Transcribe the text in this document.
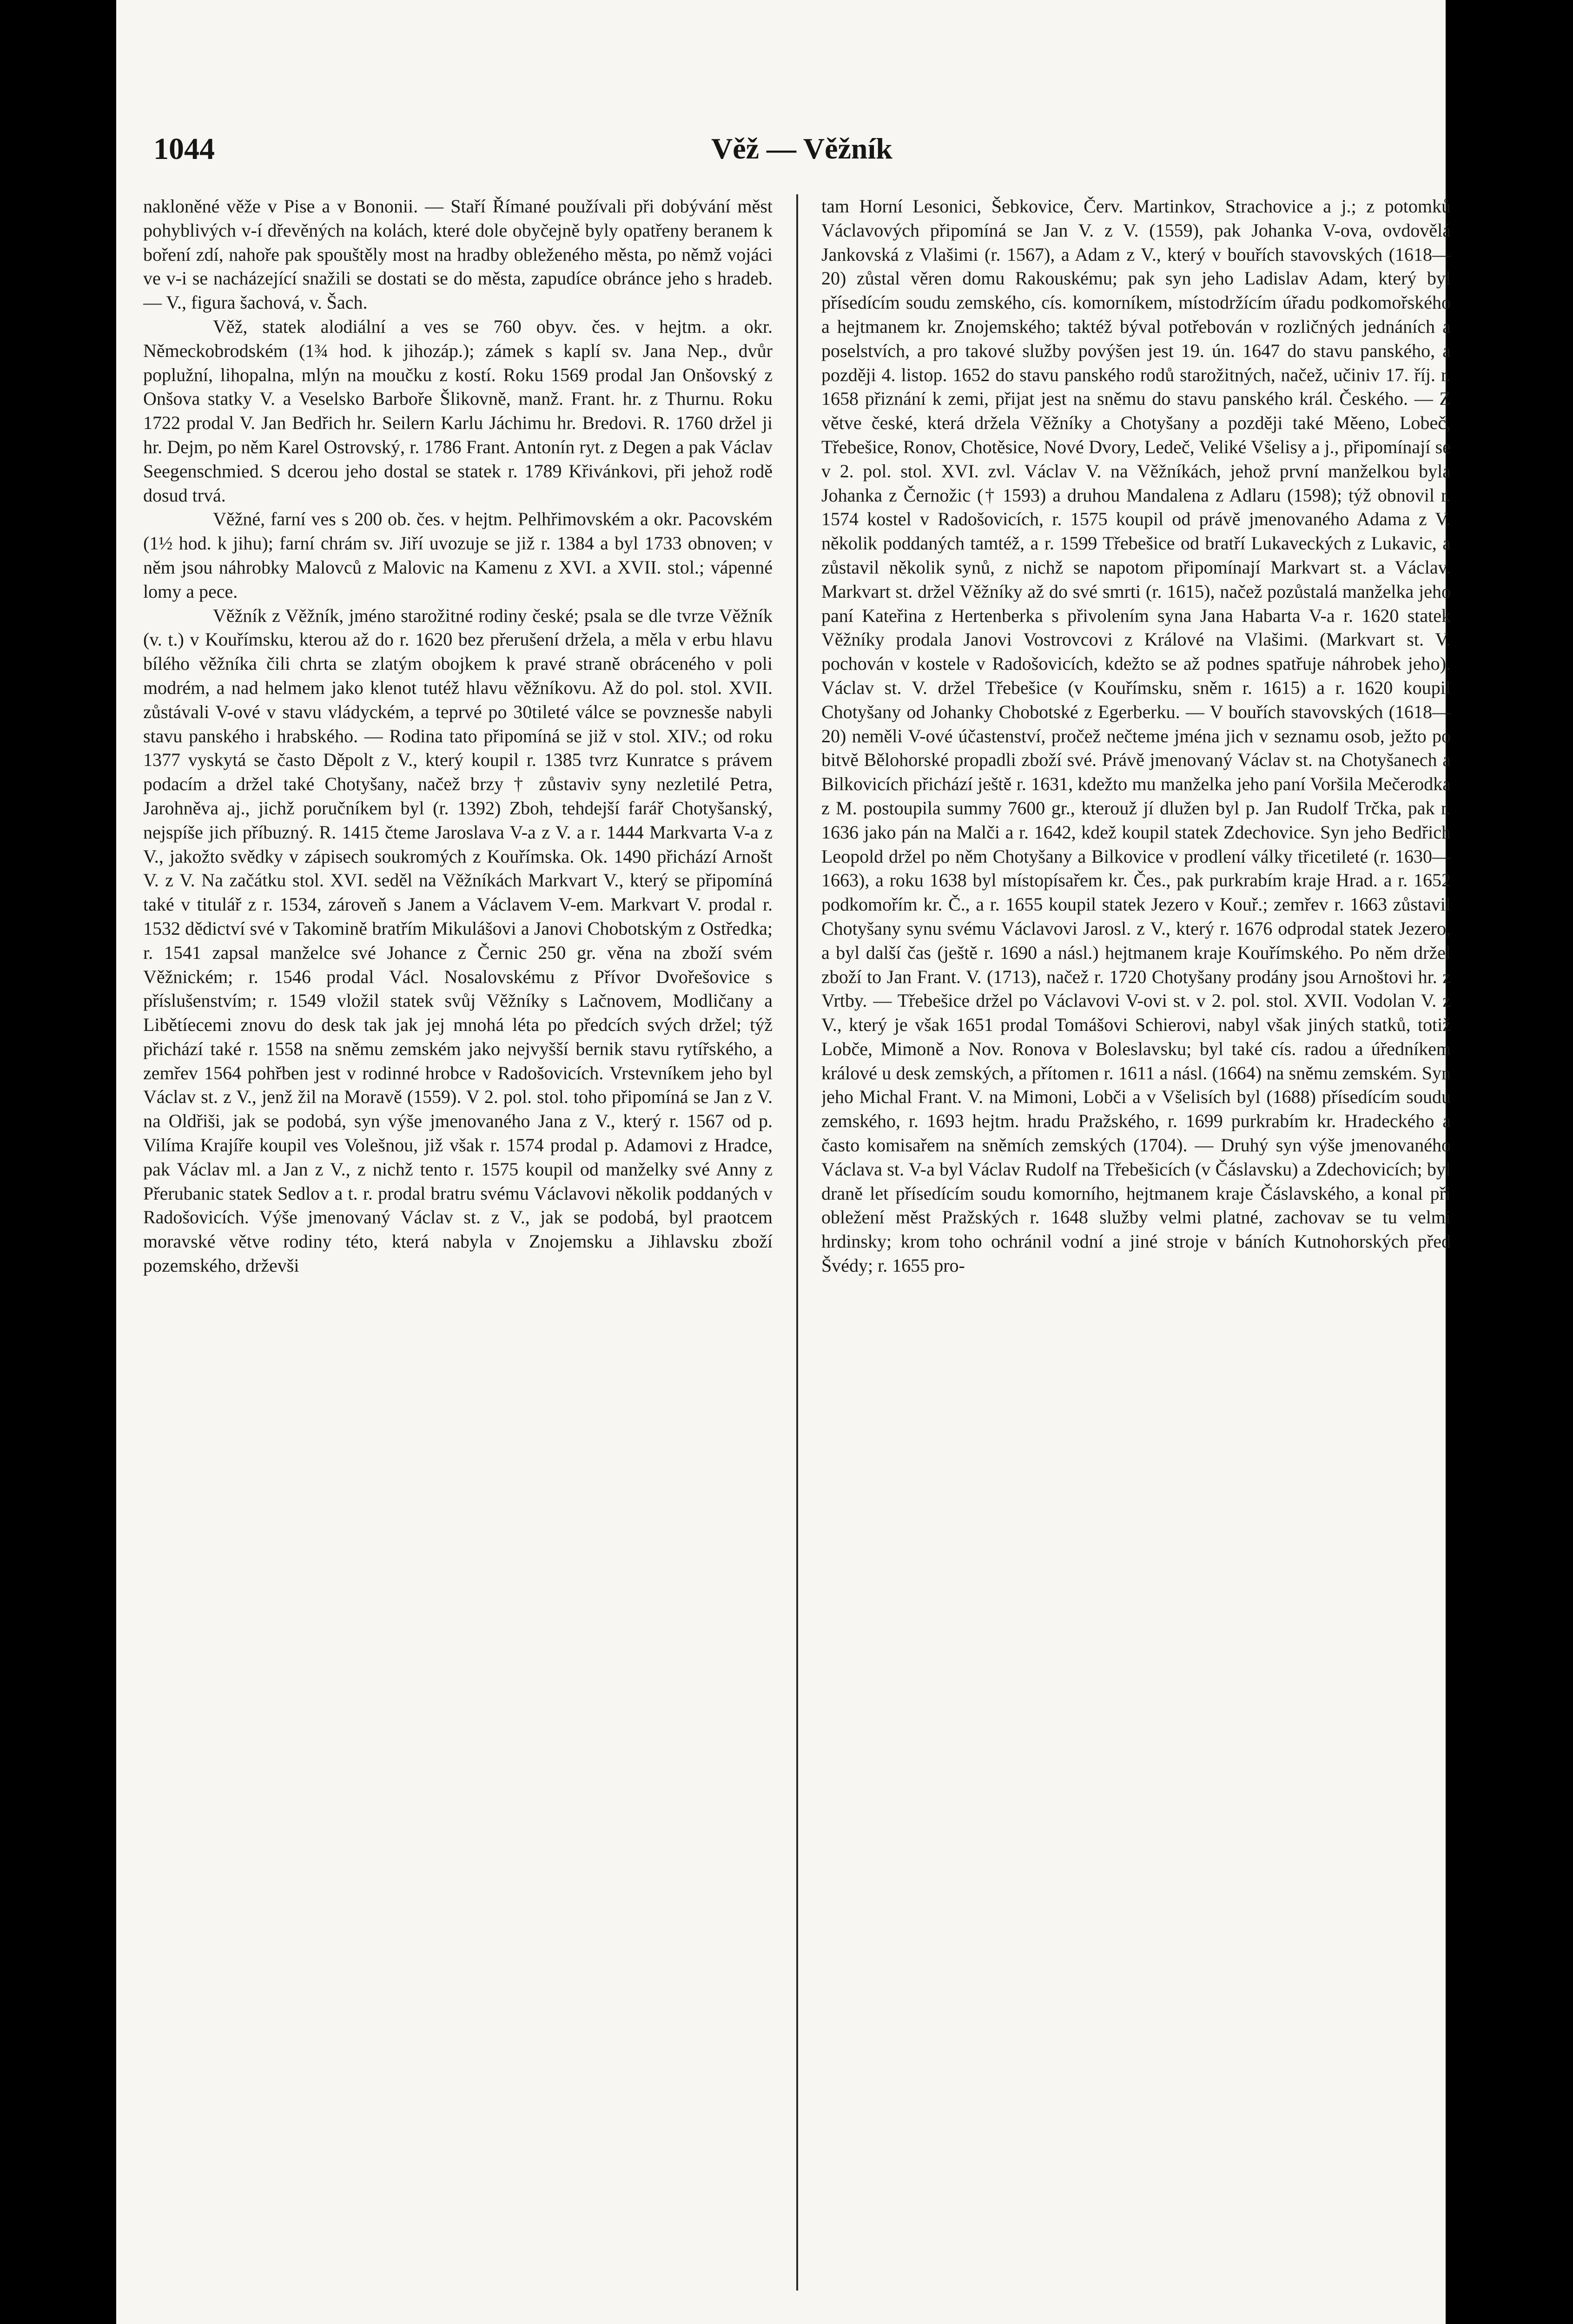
1044	Věž — Věžník

nakloněné věže v Pise a v Bononii. — Staří Římané používali při dobývání měst pohyblivých v-í dřevěných na kolách, které dole obyčejně byly opatřeny beranem k boření zdí, nahoře pak spouštěly most na hradby obleženého města, po němž vojáci ve v-i se nacházející snažili se dostati se do města, zapudíce obránce jeho s hradeb. — V., figura šachová, v. Šach.

Věž, statek alodiální a ves se 760 obyv. čes. v hejtm. a okr. Německobrodském (1¾ hod. k jihozáp.); zámek s kaplí sv. Jana Nep., dvůr poplužní, lihopalna, mlýn na moučku z kostí. Roku 1569 prodal Jan Onšovský z Onšova statky V. a Veselsko Barboře Šlikovně, manž. Frant. hr. z Thurnu. Roku 1722 prodal V. Jan Bedřich hr. Seilern Karlu Jáchimu hr. Bredovi. R. 1760 držel ji hr. Dejm, po něm Karel Ostrovský, r. 1786 Frant. Antonín ryt. z Degen a pak Václav Seegenschmied. S dcerou jeho dostal se statek r. 1789 Křivánkovi, při jehož rodě dosud trvá.

Věžné, farní ves s 200 ob. čes. v hejtm. Pelhřimovském a okr. Pacovském (1½ hod. k jihu); farní chrám sv. Jiří uvozuje se již r. 1384 a byl 1733 obnoven; v něm jsou náhrobky Malovců z Malovic na Kamenu z XVI. a XVII. stol.; vápenné lomy a pece.

Věžník z Věžník, jméno starožitné rodiny české; psala se dle tvrze Věžník (v. t.) v Kouřímsku, kterou až do r. 1620 bez přerušení držela, a měla v erbu hlavu bílého věžníka čili chrta se zlatým obojkem k pravé straně obráceného v poli modrém, a nad helmem jako klenot tutéž hlavu věžníkovu. Až do pol. stol. XVII. zůstávali V-ové v stavu vládyckém, a teprvé po 30tileté válce se povznesše nabyli stavu panského i hrabského. — Rodina tato připomíná se již v stol. XIV.; od roku 1377 vyskytá se často Děpolt z V., který koupil r. 1385 tvrz Kunratce s právem podacím a držel také Chotyšany, načež brzy † zůstaviv syny nezletilé Petra, Jarohněva aj., jichž poručníkem byl (r. 1392) Zboh, tehdejší farář Chotyšanský, nejspíše jich příbuzný. R. 1415 čteme Jaroslava V-a z V. a r. 1444 Markvarta V-a z V., jakožto svědky v zápisech soukromých z Kouřímska. Ok. 1490 přichází Arnošt V. z V. Na začátku stol. XVI. seděl na Věžníkách Markvart V., který se připomíná také v titulář z r. 1534, zároveň s Janem a Václavem V-em. Markvart V. prodal r. 1532 dědictví své v Takomině bratřím Mikulášovi a Janovi Chobotským z Ostředka; r. 1541 zapsal manželce své Johance z Černic 250 gr. věna na zboží svém Věžnickém; r. 1546 prodal Václ. Nosalovskému z Přívor Dvořešovice s příslušenstvím; r. 1549 vložil statek svůj Věžníky s Lačnovem, Modličany a Libětíecemi znovu do desk tak jak jej mnohá léta po předcích svých držel; týž přichází také r. 1558 na sněmu zemském jako nejvyšší bernik stavu rytířského, a zemřev 1564 pohřben jest v rodinné hrobce v Radošovicích. Vrstevníkem jeho byl Václav st. z V., jenž žil na Moravě (1559). V 2. pol. stol. toho připomíná se Jan z V. na Oldřiši, jak se podobá, syn výše jmenovaného Jana z V., který r. 1567 od p. Vilíma Krajíře koupil ves Volešnou, již však r. 1574 prodal p. Adamovi z Hradce, pak Václav ml. a Jan z V., z nichž tento r. 1575 koupil od manželky své Anny z Přerubanic statek Sedlov a t. r. prodal bratru svému Václavovi několik poddaných v Radošovicích. Výše jmenovaný Václav st. z V., jak se podobá, byl praotcem moravské větve rodiny této, která nabyla v Znojemsku a Jihlavsku zboží pozemského, drževši

tam Horní Lesonici, Šebkovice, Červ. Martinkov, Strachovice a j.; z potomků Václavových připomíná se Jan V. z V. (1559), pak Johanka V-ova, ovdovělá Jankovská z Vlašimi (r. 1567), a Adam z V., který v bouřích stavovských (1618—20) zůstal věren domu Rakouskému; pak syn jeho Ladislav Adam, který byl přísedícím soudu zemského, cís. komorníkem, místodržícím úřadu podkomořského a hejtmanem kr. Znojemského; taktéž býval potřebován v rozličných jednáních a poselstvích, a pro takové služby povýšen jest 19. ún. 1647 do stavu panského, a později 4. listop. 1652 do stavu panského rodů starožitných, načež, učiniv 17. říj. r. 1658 přiznání k zemi, přijat jest na sněmu do stavu panského král. Českého. — Z větve české, která držela Věžníky a Chotyšany a později také Měeno, Lobeč, Třebešice, Ronov, Chotěsice, Nové Dvory, Ledeč, Veliké Všelisy a j., připomínají se v 2. pol. stol. XVI. zvl. Václav V. na Věžníkách, jehož první manželkou byla Johanka z Černožic († 1593) a druhou Mandalena z Adlaru (1598); týž obnovil r. 1574 kostel v Radošovicích, r. 1575 koupil od právě jmenovaného Adama z V. několik poddaných tamtéž, a r. 1599 Třebešice od bratří Lukaveckých z Lukavic, a zůstavil několik synů, z nichž se napotom připomínají Markvart st. a Václav. Markvart st. držel Věžníky až do své smrti (r. 1615), načež pozůstalá manželka jeho paní Kateřina z Hertenberka s přivolením syna Jana Habarta V-a r. 1620 statek Věžníky prodala Janovi Vostrovcovi z Králové na Vlašimi. (Markvart st. V. pochován v kostele v Radošovicích, kdežto se až podnes spatřuje náhrobek jeho). Václav st. V. držel Třebešice (v Kouřímsku, sněm r. 1615) a r. 1620 koupil Chotyšany od Johanky Chobotské z Egerberku. — V bouřích stavovských (1618—20) neměli V-ové účastenství, pročež nečteme jména jich v seznamu osob, ježto po bitvě Bělohorské propadli zboží své. Právě jmenovaný Václav st. na Chotyšanech a Bilkovicích přichází ještě r. 1631, kdežto mu manželka jeho paní Voršila Mečerodka z M. postoupila summy 7600 gr., kterouž jí dlužen byl p. Jan Rudolf Trčka, pak r. 1636 jako pán na Malči a r. 1642, kdež koupil statek Zdechovice. Syn jeho Bedřich Leopold držel po něm Chotyšany a Bilkovice v prodlení války třicetileté (r. 1630—1663), a roku 1638 byl místopísařem kr. Čes., pak purkrabím kraje Hrad. a r. 1652 podkomořím kr. Č., a r. 1655 koupil statek Jezero v Kouř.; zemřev r. 1663 zůstavil Chotyšany synu svému Václavovi Jarosl. z V., který r. 1676 odprodal statek Jezero, a byl další čas (ještě r. 1690 a násl.) hejtmanem kraje Kouřímského. Po něm držel zboží to Jan Frant. V. (1713), načež r. 1720 Chotyšany prodány jsou Arnoštovi hr. z Vrtby. — Třebešice držel po Václavovi V-ovi st. v 2. pol. stol. XVII. Vodolan V. z V., který je však 1651 prodal Tomášovi Schierovi, nabyl však jiných statků, totiž Lobče, Mimoně a Nov. Ronova v Boleslavsku; byl také cís. radou a úředníkem králové u desk zemských, a přítomen r. 1611 a násl. (1664) na sněmu zemském. Syn jeho Michal Frant. V. na Mimoni, Lobči a v Všelisích byl (1688) přísedícím soudu zemského, r. 1693 hejtm. hradu Pražského, r. 1699 purkrabím kr. Hradeckého a často komisařem na sněmích zemských (1704). — Druhý syn výše jmenovaného Václava st. V-a byl Václav Rudolf na Třebešicích (v Čáslavsku) a Zdechovicích; byl draně let přísedícím soudu komorního, hejtmanem kraje Čáslavského, a konal při obležení měst Pražských r. 1648 služby velmi platné, zachovav se tu velmi hrdinsky; krom toho ochránil vodní a jiné stroje v báních Kutnohorských před Švédy; r. 1655 pro-
